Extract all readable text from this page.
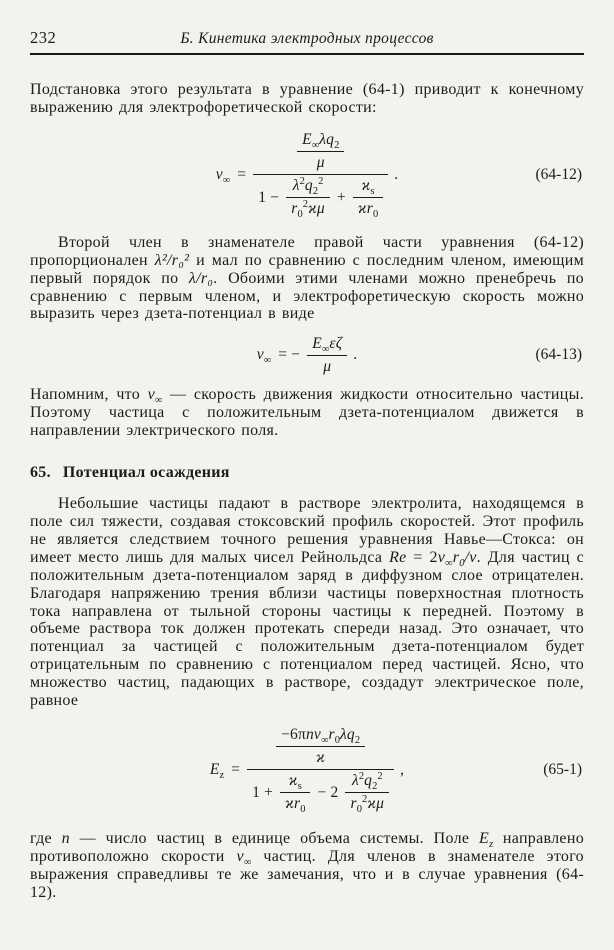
232	Б. Кинетика электродных процессов

Подстановка этого результата в уравнение (64-1) приводит к конечному выражению для электрофоретической скорости:

$v_\infty$ =
$\frac{E_\infty\lambda q_2}{\mu}$
$1 - \frac{\lambda^2q_2^2}{r_0^2ϰ\mu} + \frac{ϰ_s}{ϰr_0}$
.	(64-12)

Второй член в знаменателе правой части уравнения (64-12) пропорционален λ²/r₀² и мал по сравнению с последним членом, имеющим первый порядок по λ/r₀. Обоими этими членами можно пренебречь по сравнению с первым членом, и электрофоретическую скорость можно выразить через дзета-потенциал в виде

$v_\infty$ = − $\frac{E_\infty\varepsilon\zeta}{\mu}$ .	(64-13)

Напомним, что $v_\infty$ — скорость движения жидкости относительно частицы. Поэтому частица с положительным дзета-потенциалом движется в направлении электрического поля.

65. Потенциал осаждения

Небольшие частицы падают в растворе электролита, находящемся в поле сил тяжести, создавая стоксовский профиль скоростей. Этот профиль не является следствием точного решения уравнения Навье—Стокса: он имеет место лишь для малых чисел Рейнольдса $Re = 2v_\infty r_0/\nu$. Для частиц с положительным дзета-потенциалом заряд в диффузном слое отрицателен. Благодаря напряжению трения вблизи частицы поверхностная плотность тока направлена от тыльной стороны частицы к передней. Поэтому в объеме раствора ток должен протекать спереди назад. Это означает, что потенциал за частицей с положительным дзета-потенциалом будет отрицательным по сравнению с потенциалом перед частицей. Ясно, что множество частиц, падающих в растворе, создадут электрическое поле, равное

$E_z$ =
$\frac{-6\pi nv_\infty r_0\lambda q_2}{ϰ}$
$1 + \frac{ϰ_s}{ϰr_0} - 2 \frac{\lambda^2q_2^2}{r_0^2ϰ\mu}$
,	(65-1)

где n — число частиц в единице объема системы. Поле $E_z$ направлено противоположно скорости $v_\infty$ частиц. Для членов в знаменателе этого выражения справедливы те же замечания, что и в случае уравнения (64-12).
